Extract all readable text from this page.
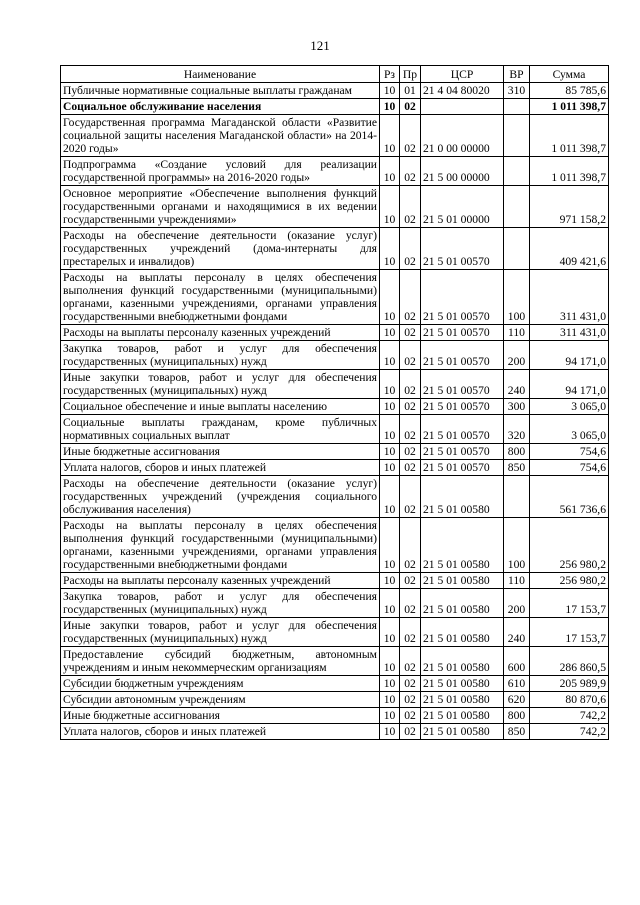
121
Наименование	Рз	Пр	ЦСР	ВР	Сумма
Публичные нормативные социальные выплаты гражданам	10	01	21 4 04 80020	310	85 785,6
Социальное обслуживание населения	10	02			1 011 398,7
Государственная программа Магаданской области «Развитие социальной защиты населения Магаданской области» на 2014-2020 годы»	10	02	21 0 00 00000		1 011 398,7
Подпрограмма «Создание условий для реализации государственной программы» на 2016-2020 годы»	10	02	21 5 00 00000		1 011 398,7
Основное мероприятие «Обеспечение выполнения функций государственными органами и находящимися в их ведении государственными учреждениями»	10	02	21 5 01 00000		971 158,2
Расходы на обеспечение деятельности (оказание услуг) государственных учреждений (дома-интернаты для престарелых и инвалидов)	10	02	21 5 01 00570		409 421,6
Расходы на выплаты персоналу в целях обеспечения выполнения функций государственными (муниципальными) органами, казенными учреждениями, органами управления государственными внебюджетными фондами	10	02	21 5 01 00570	100	311 431,0
Расходы на выплаты персоналу казенных учреждений	10	02	21 5 01 00570	110	311 431,0
Закупка товаров, работ и услуг для обеспечения государственных (муниципальных) нужд	10	02	21 5 01 00570	200	94 171,0
Иные закупки товаров, работ и услуг для обеспечения государственных (муниципальных) нужд	10	02	21 5 01 00570	240	94 171,0
Социальное обеспечение и иные выплаты населению	10	02	21 5 01 00570	300	3 065,0
Социальные выплаты гражданам, кроме публичных нормативных социальных выплат	10	02	21 5 01 00570	320	3 065,0
Иные бюджетные ассигнования	10	02	21 5 01 00570	800	754,6
Уплата налогов, сборов и иных платежей	10	02	21 5 01 00570	850	754,6
Расходы на обеспечение деятельности (оказание услуг) государственных учреждений (учреждения социального обслуживания населения)	10	02	21 5 01 00580		561 736,6
Расходы на выплаты персоналу в целях обеспечения выполнения функций государственными (муниципальными) органами, казенными учреждениями, органами управления государственными внебюджетными фондами	10	02	21 5 01 00580	100	256 980,2
Расходы на выплаты персоналу казенных учреждений	10	02	21 5 01 00580	110	256 980,2
Закупка товаров, работ и услуг для обеспечения государственных (муниципальных) нужд	10	02	21 5 01 00580	200	17 153,7
Иные закупки товаров, работ и услуг для обеспечения государственных (муниципальных) нужд	10	02	21 5 01 00580	240	17 153,7
Предоставление субсидий бюджетным, автономным учреждениям и иным некоммерческим организациям	10	02	21 5 01 00580	600	286 860,5
Субсидии бюджетным учреждениям	10	02	21 5 01 00580	610	205 989,9
Субсидии автономным учреждениям	10	02	21 5 01 00580	620	80 870,6
Иные бюджетные ассигнования	10	02	21 5 01 00580	800	742,2
Уплата налогов, сборов и иных платежей	10	02	21 5 01 00580	850	742,2
